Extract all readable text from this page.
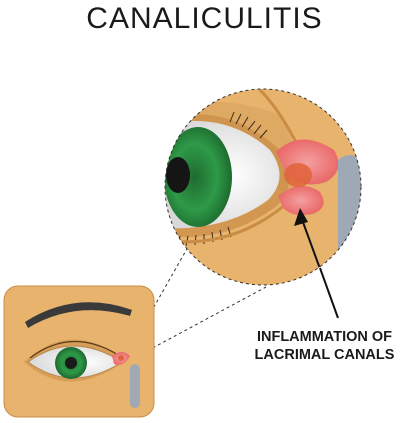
CANALICULITIS
INFLAMMATION OF
LACRIMAL CANALS
